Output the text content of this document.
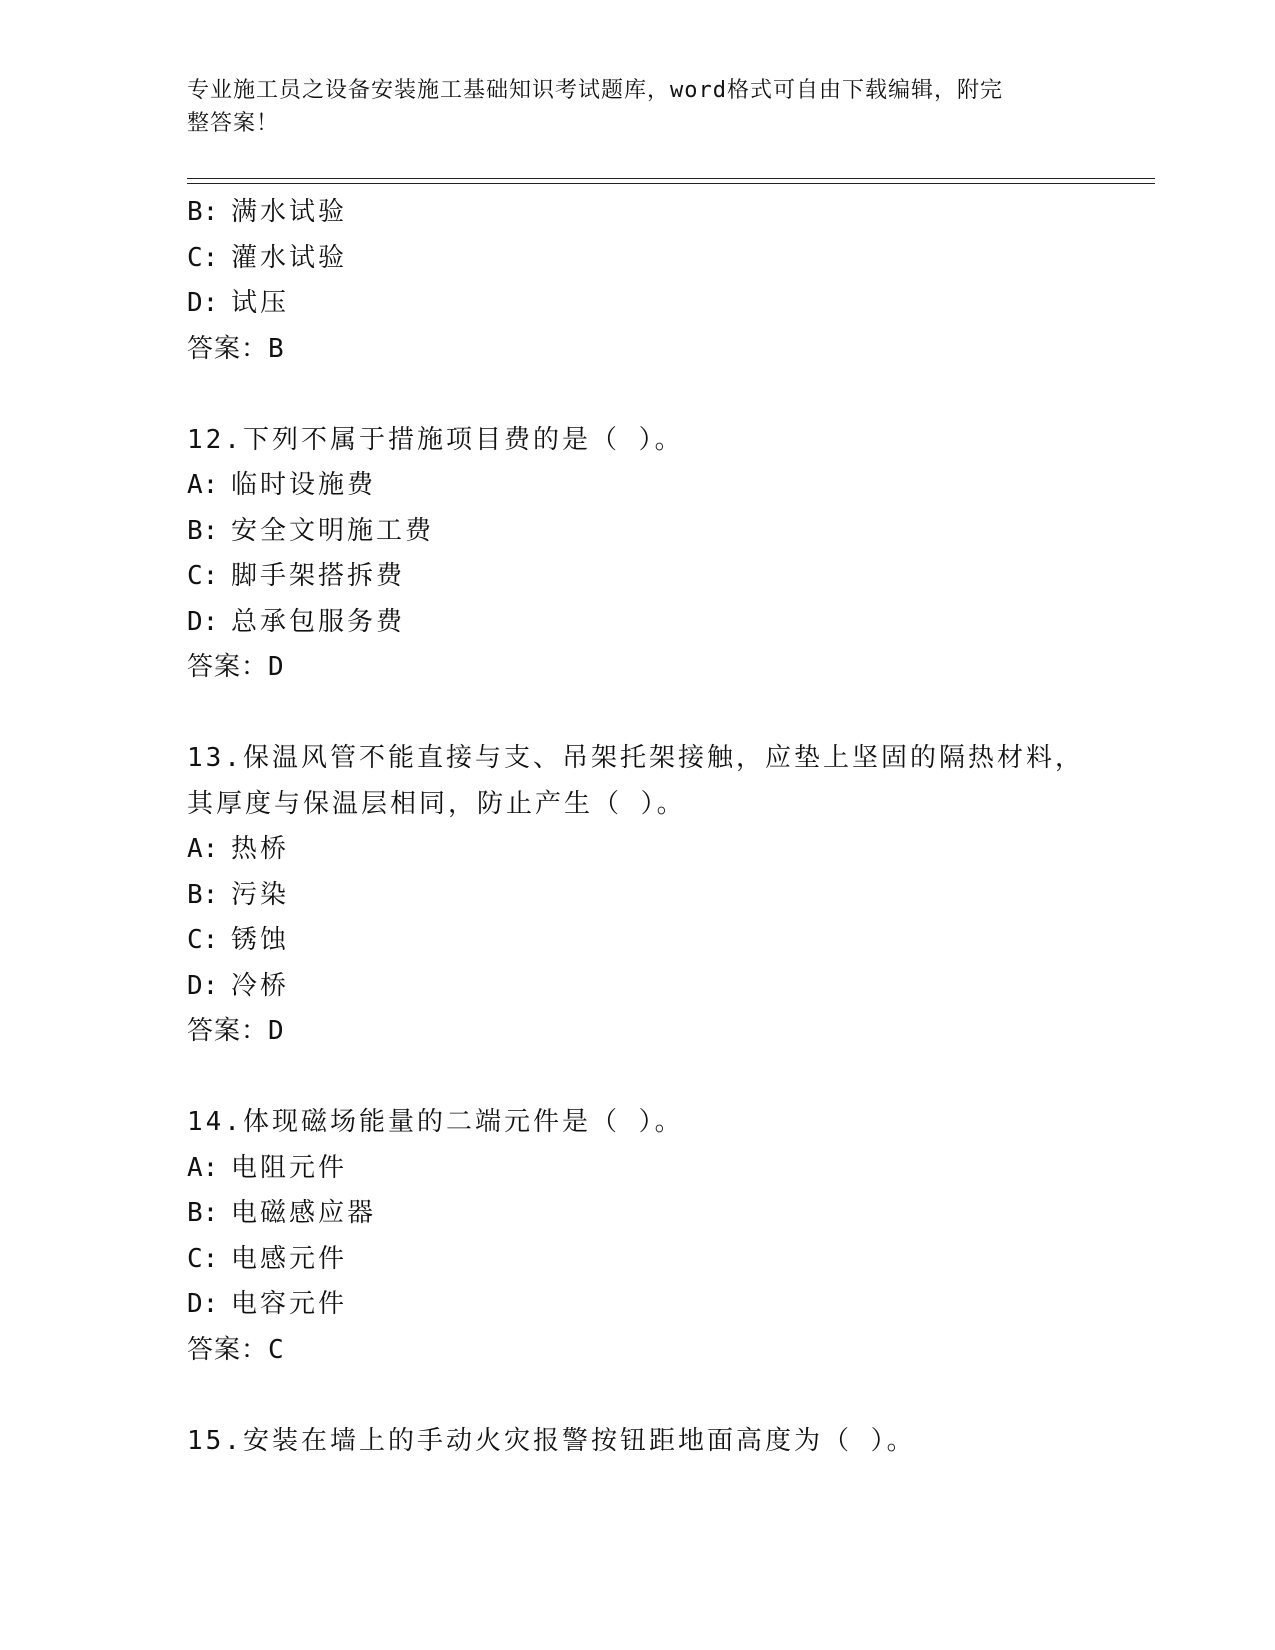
专业施工员之设备安装施工基础知识考试题库，word格式可自由下载编辑，附完
整答案！
B: 满水试验
C: 灌水试验
D: 试压
答案：B
12.下列不属于措施项目费的是（ ）。
A: 临时设施费
B: 安全文明施工费
C: 脚手架搭拆费
D: 总承包服务费
答案：D
13.保温风管不能直接与支、吊架托架接触，应垫上坚固的隔热材料，
其厚度与保温层相同，防止产生（ ）。
A: 热桥
B: 污染
C: 锈蚀
D: 冷桥
答案：D
14.体现磁场能量的二端元件是（ ）。
A: 电阻元件
B: 电磁感应器
C: 电感元件
D: 电容元件
答案：C
15.安装在墙上的手动火灾报警按钮距地面高度为（ ）。
